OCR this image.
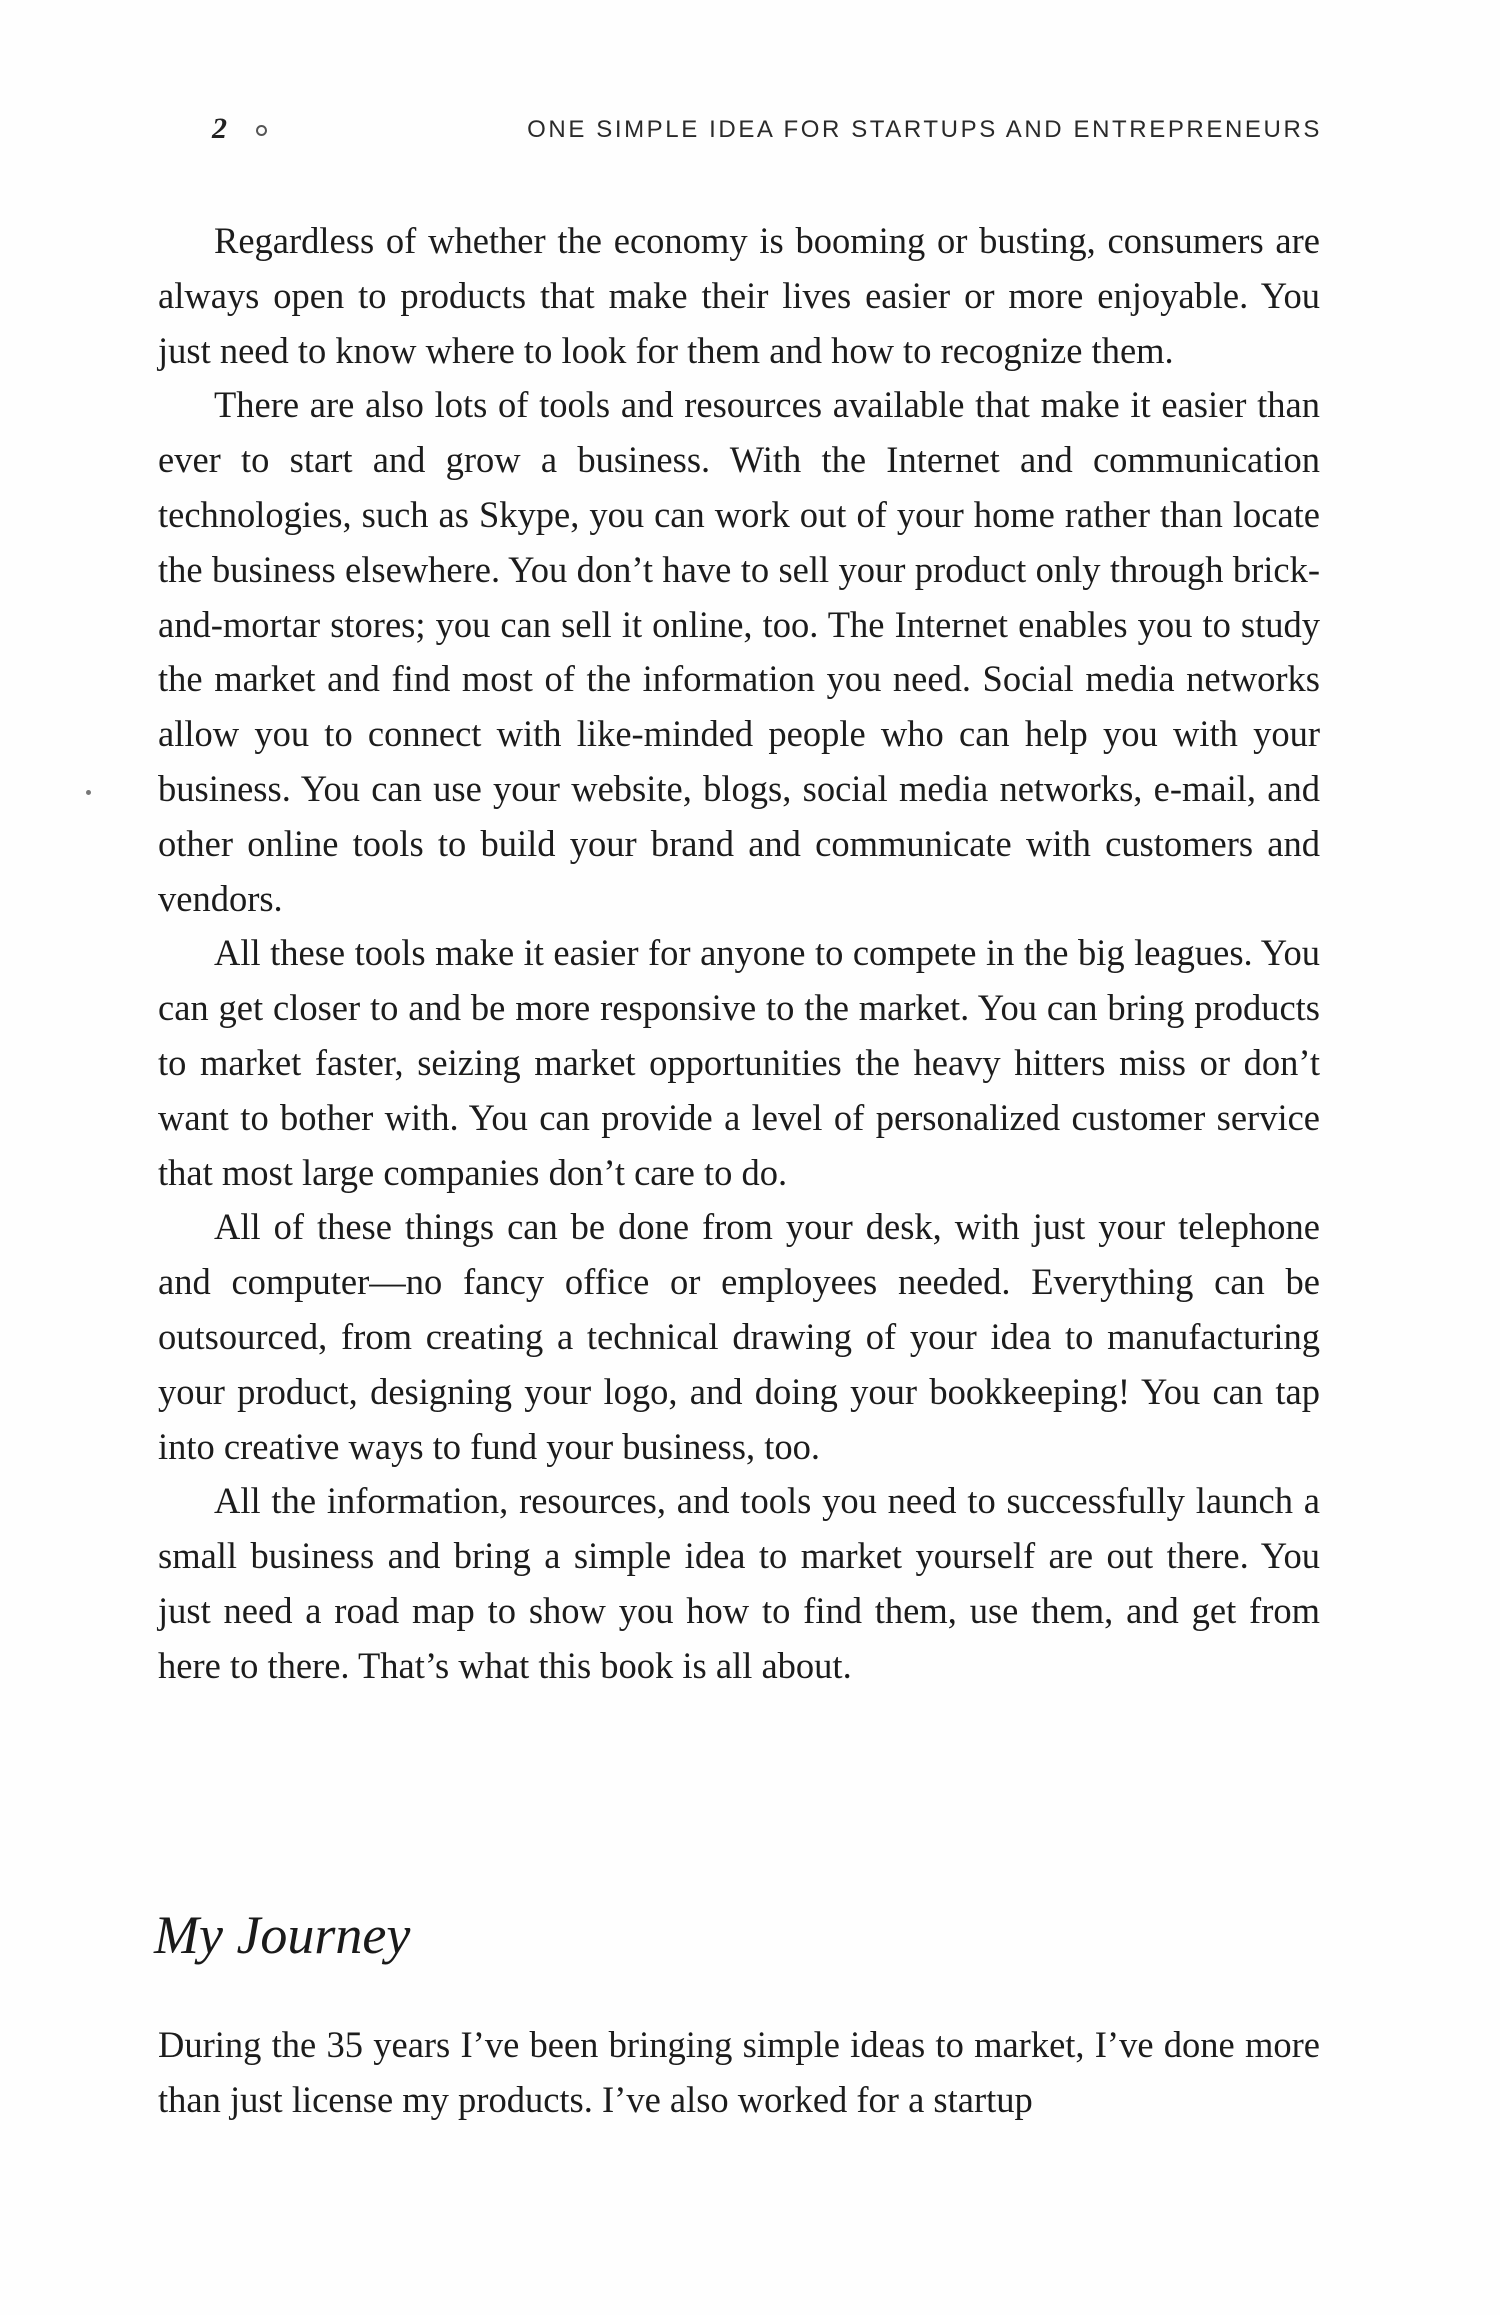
2	ONE SIMPLE IDEA FOR STARTUPS AND ENTREPRENEURS

Regardless of whether the economy is booming or busting, consumers are always open to products that make their lives easier or more enjoyable. You just need to know where to look for them and how to recognize them.

There are also lots of tools and resources available that make it easier than ever to start and grow a business. With the Internet and communication technologies, such as Skype, you can work out of your home rather than locate the business elsewhere. You don’t have to sell your product only through brick-and-mortar stores; you can sell it online, too. The Internet enables you to study the market and find most of the information you need. Social media networks allow you to connect with like-minded people who can help you with your business. You can use your website, blogs, social media networks, e-mail, and other online tools to build your brand and communicate with customers and vendors.

All these tools make it easier for anyone to compete in the big leagues. You can get closer to and be more responsive to the market. You can bring products to market faster, seizing market opportunities the heavy hitters miss or don’t want to bother with. You can provide a level of personalized customer service that most large companies don’t care to do.

All of these things can be done from your desk, with just your telephone and computer—no fancy office or employees needed. Everything can be outsourced, from creating a technical drawing of your idea to manufacturing your product, designing your logo, and doing your bookkeeping! You can tap into creative ways to fund your business, too.

All the information, resources, and tools you need to successfully launch a small business and bring a simple idea to market yourself are out there. You just need a road map to show you how to find them, use them, and get from here to there. That’s what this book is all about.

My Journey

During the 35 years I’ve been bringing simple ideas to market, I’ve done more than just license my products. I’ve also worked for a startup
